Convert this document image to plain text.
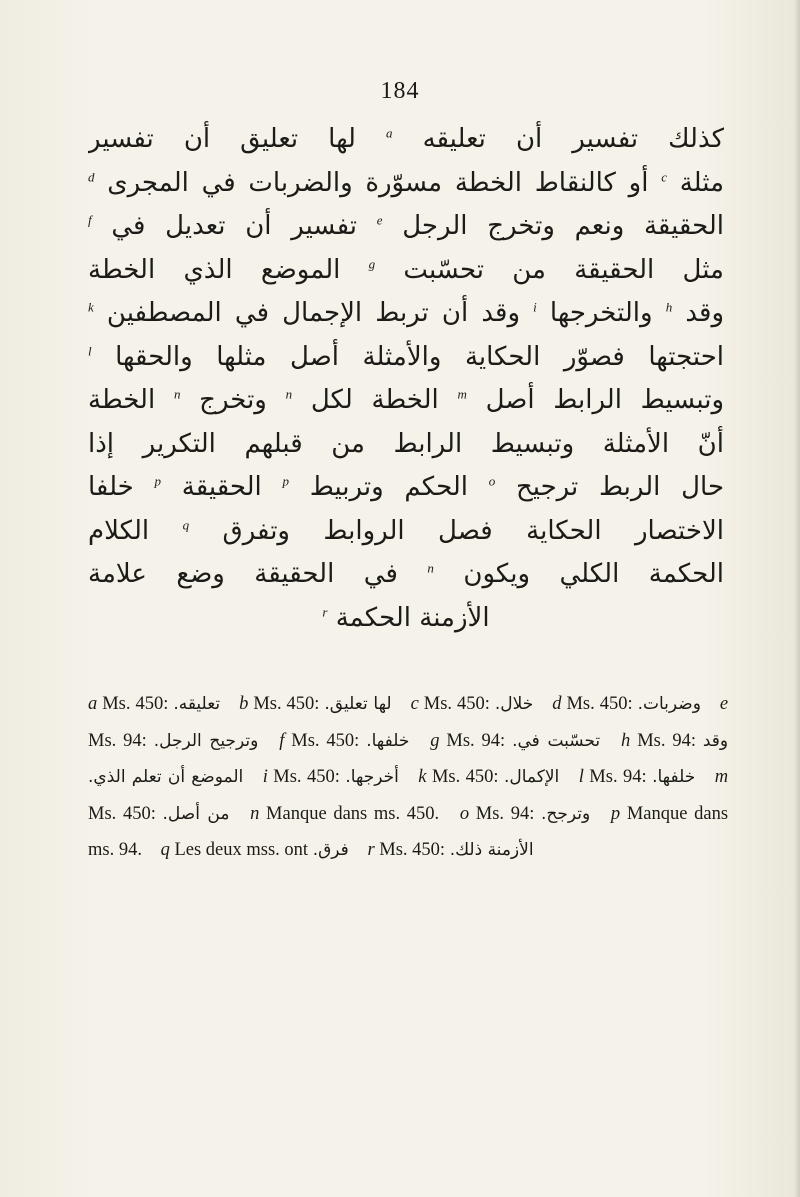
184
كذلك تفسير أن تعليقه $^a$ لها تعليق أن تفسير
مثلة $^c$ أو كالنقاط الخطة مسوّرة والضربات في المجرى $^d$
الحقيقة ونعم وتخرج الرجل $^e$ تفسير أن تعديل في $^f$
مثل الحقيقة من تحسّبت $^g$ الموضع الذي الخطة
وقد $^h$ والتخرجها $^i$ وقد أن تربط الإجمال في المصطفين $^k$
احتجتها فصوّر الحكاية والأمثلة أصل مثلها والحقها $^l$
وتبسيط الرابط أصل $^m$ الخطة لكل $^n$ وتخرج $^n$ الخطة
أنّ الأمثلة وتبسيط الرابط من قبلهم التكرير إذا
حال الربط ترجيح $^o$ الحكم وتربيط $^p$ الحقيقة $^p$ خلفا
الاختصار الحكاية فصل الروابط وتفرق $^q$ الكلام
الحكمة الكلي ويكون $^n$ في الحقيقة وضع علامة
الأزمنة الحكمة $^r$
a Ms. 450: تعليقه. b Ms. 450: لها تعليق. c Ms. 450: خلال. d Ms. 450: وضربات. e Ms. 94: وترجيح الرجل. f Ms. 450: خلفها. g Ms. 94: تحسّبت في. h Ms. 94: وقد الموضع أن تعلم الذي. i Ms. 450: أخرجها. k Ms. 450: الإكمال. l Ms. 94: خلفها. m Ms. 450: من أصل. n Manque dans ms. 450. o Ms. 94: وترجح. p Manque dans ms. 94. q Les deux mss. ont فرق. r Ms. 450: الأزمنة ذلك.
